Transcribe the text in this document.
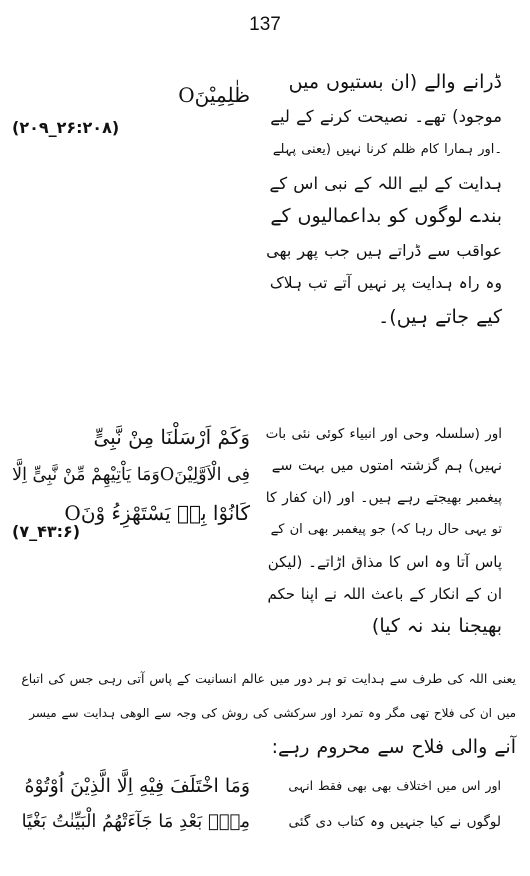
137
ڈرانے والے (ان بستیوں میں
موجود) تھے۔ نصیحت کرنے کے لیے
۔اور ہمارا کام ظلم کرنا نہیں (یعنی پہلے
ہدایت کے لیے اللہ کے نبی اس کے
بندے لوگوں کو بداعمالیوں کے
عواقب سے ڈراتے ہیں جب پھر بھی
وہ راہ ہدایت پر نہیں آتے تب ہلاک
کیے جاتے ہیں)۔
ظٰلِمِیْنَO
(۲۶:۲۰۸_۲۰۹)
اور (سلسلہ وحی اور انبیاء کوئی نئی بات
نہیں) ہم گزشتہ امتوں میں بہت سے
پیغمبر بھیجتے رہے ہیں۔ اور (ان کفار کا
تو یہی حال رہا کہ) جو پیغمبر بھی ان کے
پاس آتا وہ اس کا مذاق اڑاتے۔ (لیکن
ان کے انکار کے باعث اللہ نے اپنا حکم
بھیجنا بند نہ کیا)
وَکَمْ اَرْسَلْنَا مِنْ نَّبِیٍّ
فِی الْاَوَّلِیْنَOوَمَا یَاْتِیْهِمْ مِّنْ نَّبِیٍّ اِلَّا
کَانُوْا بِهٖ یَسْتَهْزِءُ وْنَO
(۴۳:۶_۷)
یعنی اللہ کی طرف سے ہدایت تو ہر دور میں عالم انسانیت کے پاس آتی رہی جس کی اتباع
میں ان کی فلاح تھی مگر وہ تمرد اور سرکشی کی روش کی وجہ سے الوھی ہدایت سے میسر
آنے والی فلاح سے محروم رہے:
وَمَا اخْتَلَفَ فِیْهِ اِلَّا الَّذِیْنَ اُوْتُوْهُ
مِنْۢ بَعْدِ مَا جَآءَتْهُمُ الْبَیِّنٰتُ بَغْیًا
اور اس میں اختلاف بھی بھی فقط انہی
لوگوں نے کیا جنہیں وہ کتاب دی گئی
